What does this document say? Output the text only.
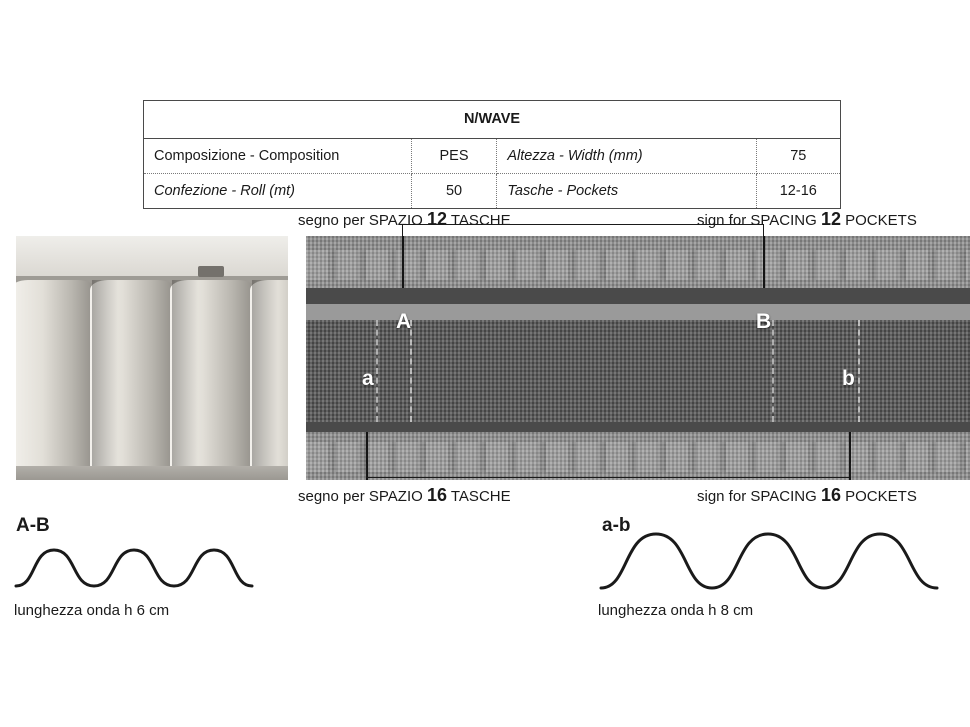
N/WAVE			
Composizione - Composition	PES	Altezza - Width (mm)	75
Confezione - Roll (mt)	50	Tasche - Pockets	12-16
segno per SPAZIO 12 TASCHE	sign for SPACING 12 POCKETS
A	B
a	b
segno per SPAZIO 16 TASCHE	sign for SPACING 16 POCKETS
A-B	a-b
lunghezza onda h 6 cm	lunghezza onda h 8 cm
